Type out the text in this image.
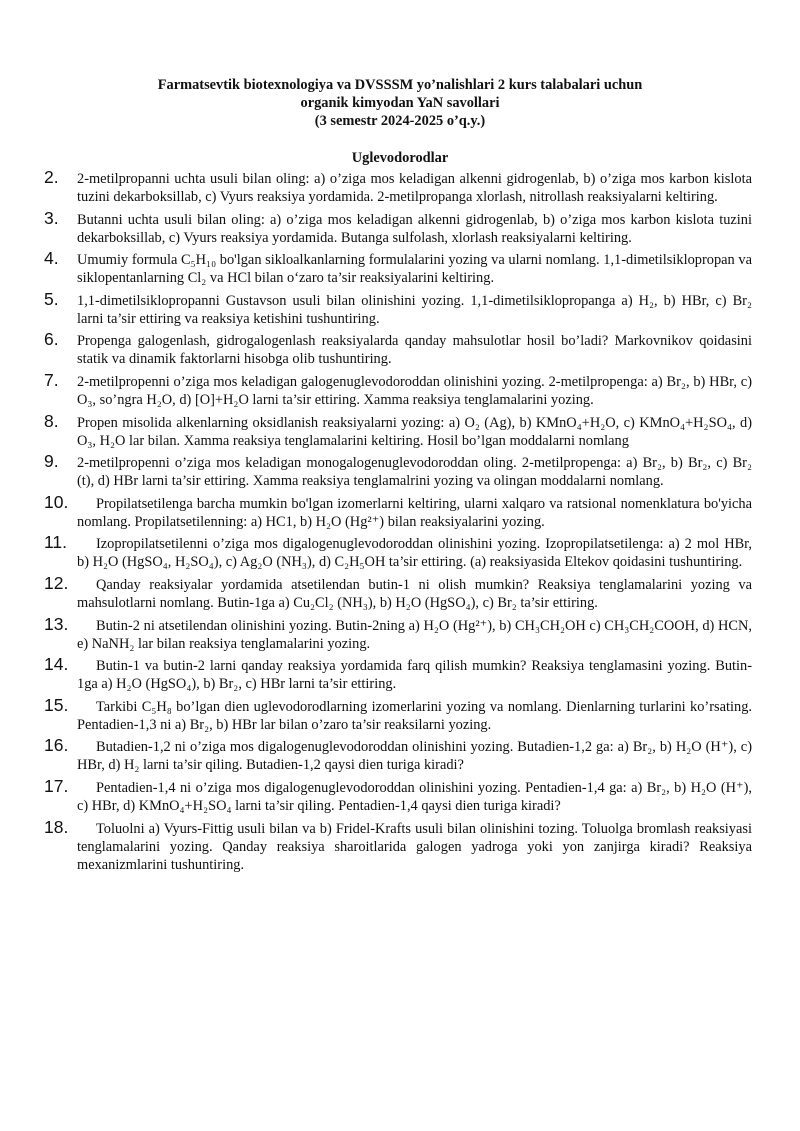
Farmatsevtik biotexnologiya va DVSSSM yo’nalishlari 2 kurs talabalari uchun
organik kimyodan YaN savollari
(3 semestr 2024-2025 o’q.y.)
Uglevodorodlar
2. 2-metilpropanni uchta usuli bilan oling: a) o’ziga mos keladigan alkenni gidrogenlab, b) o’ziga mos karbon kislota tuzini dekarboksillab, c) Vyurs reaksiya yordamida. 2-metilpropanga xlorlash, nitrollash reaksiyalarni keltiring.
3. Butanni uchta usuli bilan oling: a) o’ziga mos keladigan alkenni gidrogenlab, b) o’ziga mos karbon kislota tuzini dekarboksillab, c) Vyurs reaksiya yordamida. Butanga sulfolash, xlorlash reaksiyalarni keltiring.
4. Umumiy formula C₅H₁₀ bo'lgan sikloalkanlarning formulalarini yozing va ularni nomlang. 1,1-dimetilsiklopropan va siklopentanlarning Cl₂ va HCl bilan o‘zaro ta’sir reaksiyalarini keltiring.
5. 1,1-dimetilsiklopropanni Gustavson usuli bilan olinishini yozing. 1,1-dimetilsiklopropanga a) H₂, b) HBr, c) Br₂ larni ta’sir ettiring va reaksiya ketishini tushuntiring.
6. Propenga galogenlash, gidrogalogenlash reaksiyalarda qanday mahsulotlar hosil bo’ladi? Markovnikov qoidasini statik va dinamik faktorlarni hisobga olib tushuntiring.
7. 2-metilpropenni o’ziga mos keladigan galogenuglevodoroddan olinishini yozing. 2-metilpropenga: a) Br₂, b) HBr, c) O₃, so’ngra H₂O, d) [O]+H₂O larni ta’sir ettiring. Xamma reaksiya tenglamalarini yozing.
8. Propen misolida alkenlarning oksidlanish reaksiyalarni yozing: a) O₂ (Ag), b) KMnO₄+H₂O, c) KMnO₄+H₂SO₄, d) O₃, H₂O lar bilan. Xamma reaksiya tenglamalarini keltiring. Hosil bo’lgan moddalarni nomlang
9. 2-metilpropenni o’ziga mos keladigan monogalogenuglevodoroddan oling. 2-metilpropenga: a) Br₂, b) Br₂, c) Br₂ (t), d) HBr larni ta’sir ettiring. Xamma reaksiya tenglamalrini yozing va olingan moddalarni nomlang.
10.	Propilatsetilenga barcha mumkin bo'lgan izomerlarni keltiring, ularni xalqaro va ratsional nomenklatura bo'yicha nomlang. Propilatsetilenning: a) HC1, b) H₂O (Hg²⁺) bilan reaksiyalarini yozing.
11.	Izopropilatsetilenni o’ziga mos digalogenuglevodoroddan olinishini yozing. Izopropilatsetilenga: a) 2 mol HBr, b) H₂O (HgSO₄, H₂SO₄), c) Ag₂O (NH₃), d) C₂H₅OH ta’sir ettiring. (a) reaksiyasida Eltekov qoidasini tushuntiring.
12.	Qanday reaksiyalar yordamida atsetilendan butin-1 ni olish mumkin? Reaksiya tenglamalarini yozing va mahsulotlarni nomlang. Butin-1ga a) Cu₂Cl₂ (NH₃), b) H₂O (HgSO₄), c) Br₂ ta’sir ettiring.
13.	Butin-2 ni atsetilendan olinishini yozing. Butin-2ning a) H₂O (Hg²⁺), b) CH₃CH₂OH c) CH₃CH₂COOH, d) HCN, e) NaNH₂ lar bilan reaksiya tenglamalarini yozing.
14.	Butin-1 va butin-2 larni qanday reaksiya yordamida farq qilish mumkin? Reaksiya tenglamasini yozing. Butin-1ga a) H₂O (HgSO₄), b) Br₂, c) HBr larni ta’sir ettiring.
15.	Tarkibi C₅H₈ bo’lgan dien uglevodorodlarning izomerlarini yozing va nomlang. Dienlarning turlarini ko’rsating. Pentadien-1,3 ni a) Br₂, b) HBr lar bilan o’zaro ta’sir reaksilarni yozing.
16.	Butadien-1,2 ni o’ziga mos digalogenuglevodoroddan olinishini yozing. Butadien-1,2 ga: a) Br₂, b) H₂O (H⁺), c) HBr, d) H₂ larni ta’sir qiling. Butadien-1,2 qaysi dien turiga kiradi?
17.	Pentadien-1,4 ni o’ziga mos digalogenuglevodoroddan olinishini yozing. Pentadien-1,4 ga: a) Br₂, b) H₂O (H⁺), c) HBr, d) KMnO₄+H₂SO₄ larni ta’sir qiling. Pentadien-1,4 qaysi dien turiga kiradi?
18.	Toluolni a) Vyurs-Fittig usuli bilan va b) Fridel-Krafts usuli bilan olinishini tozing. Toluolga bromlash reaksiyasi tenglamalarini yozing. Qanday reaksiya sharoitlarida galogen yadroga yoki yon zanjirga kiradi? Reaksiya mexanizmlarini tushuntiring.
